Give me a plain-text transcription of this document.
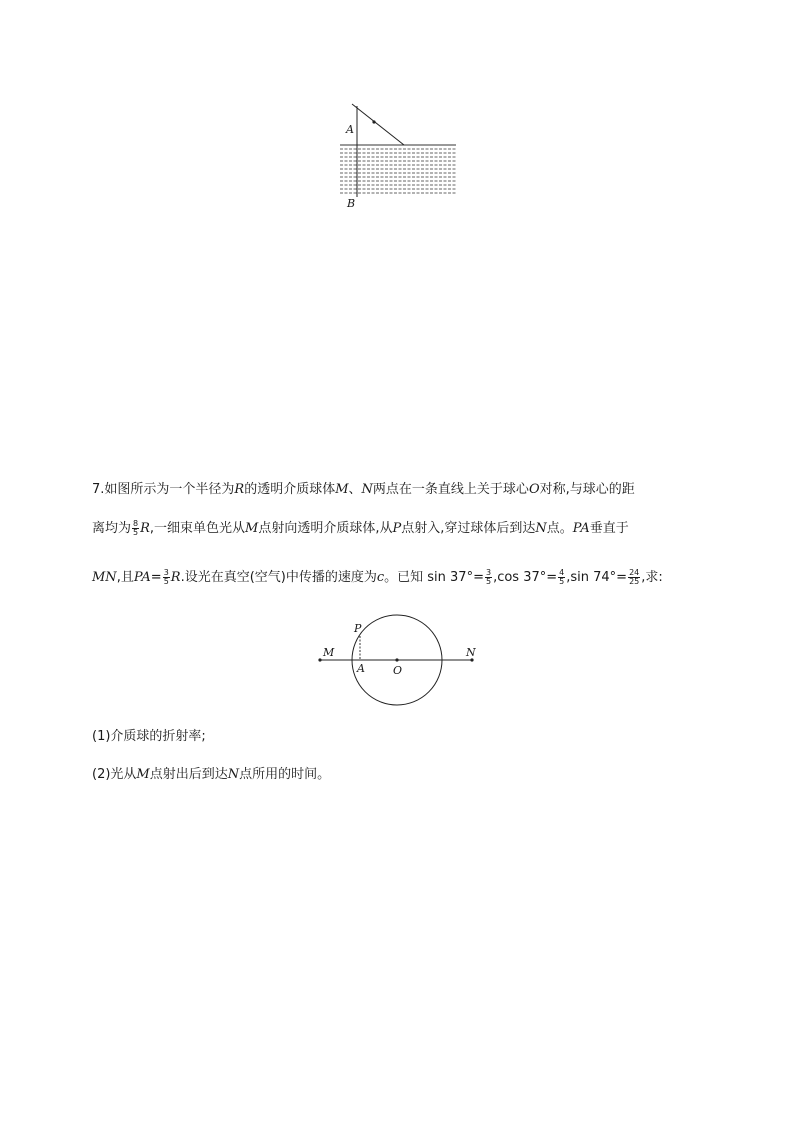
A
B
7.如图所示为一个半径为R的透明介质球体M、N两点在一条直线上关于球心O对称,与球心的距
离均为 $\frac{8}{5} R$,一细束单色光从M点射向透明介质球体,从P点射入,穿过球体后到达N点。PA垂直于
MN,且$PA= \frac{3}{5} R$.设光在真空(空气)中传播的速度为c。已知 $\sin 37^\circ= \frac{3}{5} ,\cos$ $37^\circ= \frac{4}{5} ,\sin$ $74^\circ= \frac{24}{25}$ ,求:
M	N
P
A	O
(1)介质球的折射率;
(2)光从M点射出后到达N点所用的时间。
